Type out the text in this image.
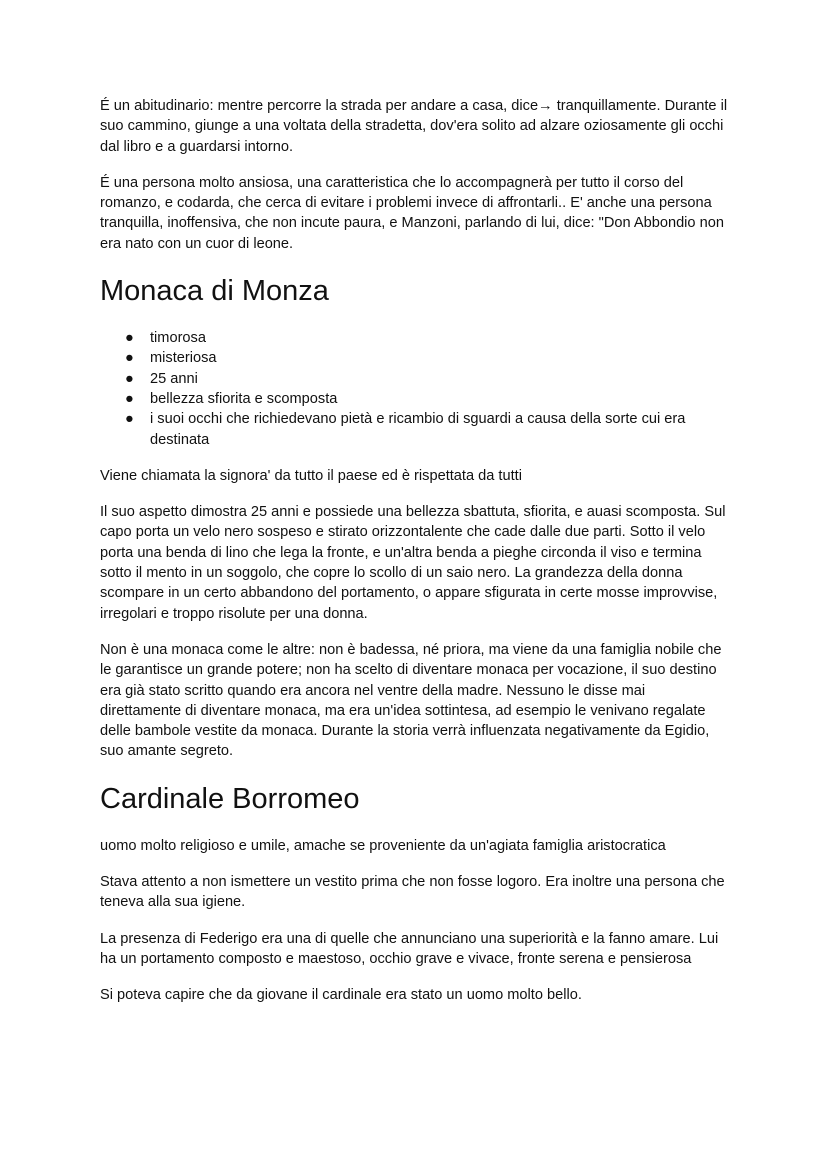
É un abitudinario: mentre percorre la strada per andare a casa, dice→ tranquillamente. Durante il suo cammino, giunge a una voltata della stradetta, dov'era solito ad alzare oziosamente gli occhi dal libro e a guardarsi intorno.

É una persona molto ansiosa, una caratteristica che lo accompagnerà per tutto il corso del romanzo, e codarda, che cerca di evitare i problemi invece di affrontarli.. E' anche una persona tranquilla, inoffensiva, che non incute paura, e Manzoni, parlando di lui, dice: "Don Abbondio non era nato con un cuor di leone.

Monaca di Monza
● timorosa
● misteriosa
● 25 anni
● bellezza sfiorita e scomposta
● i suoi occhi che richiedevano pietà e ricambio di sguardi a causa della sorte cui era destinata

Viene chiamata la signora' da tutto il paese ed è rispettata da tutti

Il suo aspetto dimostra 25 anni e possiede una bellezza sbattuta, sfiorita, e auasi scomposta. Sul capo porta un velo nero sospeso e stirato orizzontalente che cade dalle due parti. Sotto il velo porta una benda di lino che lega la fronte, e un'altra benda a pieghe circonda il viso e termina sotto il mento in un soggolo, che copre lo scollo di un saio nero. La grandezza della donna scompare in un certo abbandono del portamento, o appare sfigurata in certe mosse improvvise, irregolari e troppo risolute per una donna.

Non è una monaca come le altre: non è badessa, né priora, ma viene da una famiglia nobile che le garantisce un grande potere; non ha scelto di diventare monaca per vocazione, il suo destino era già stato scritto quando era ancora nel ventre della madre. Nessuno le disse mai direttamente di diventare monaca, ma era un'idea sottintesa, ad esempio le venivano regalate delle bambole vestite da monaca. Durante la storia verrà influenzata negativamente da Egidio, suo amante segreto.

Cardinale Borromeo

uomo molto religioso e umile, amache se proveniente da un'agiata famiglia aristocratica

Stava attento a non ismettere un vestito prima che non fosse logoro. Era inoltre una persona che teneva alla sua igiene.

La presenza di Federigo era una di quelle che annunciano una superiorità e la fanno amare. Lui ha un portamento composto e maestoso, occhio grave e vivace, fronte serena e pensierosa

Si poteva capire che da giovane il cardinale era stato un uomo molto bello.
